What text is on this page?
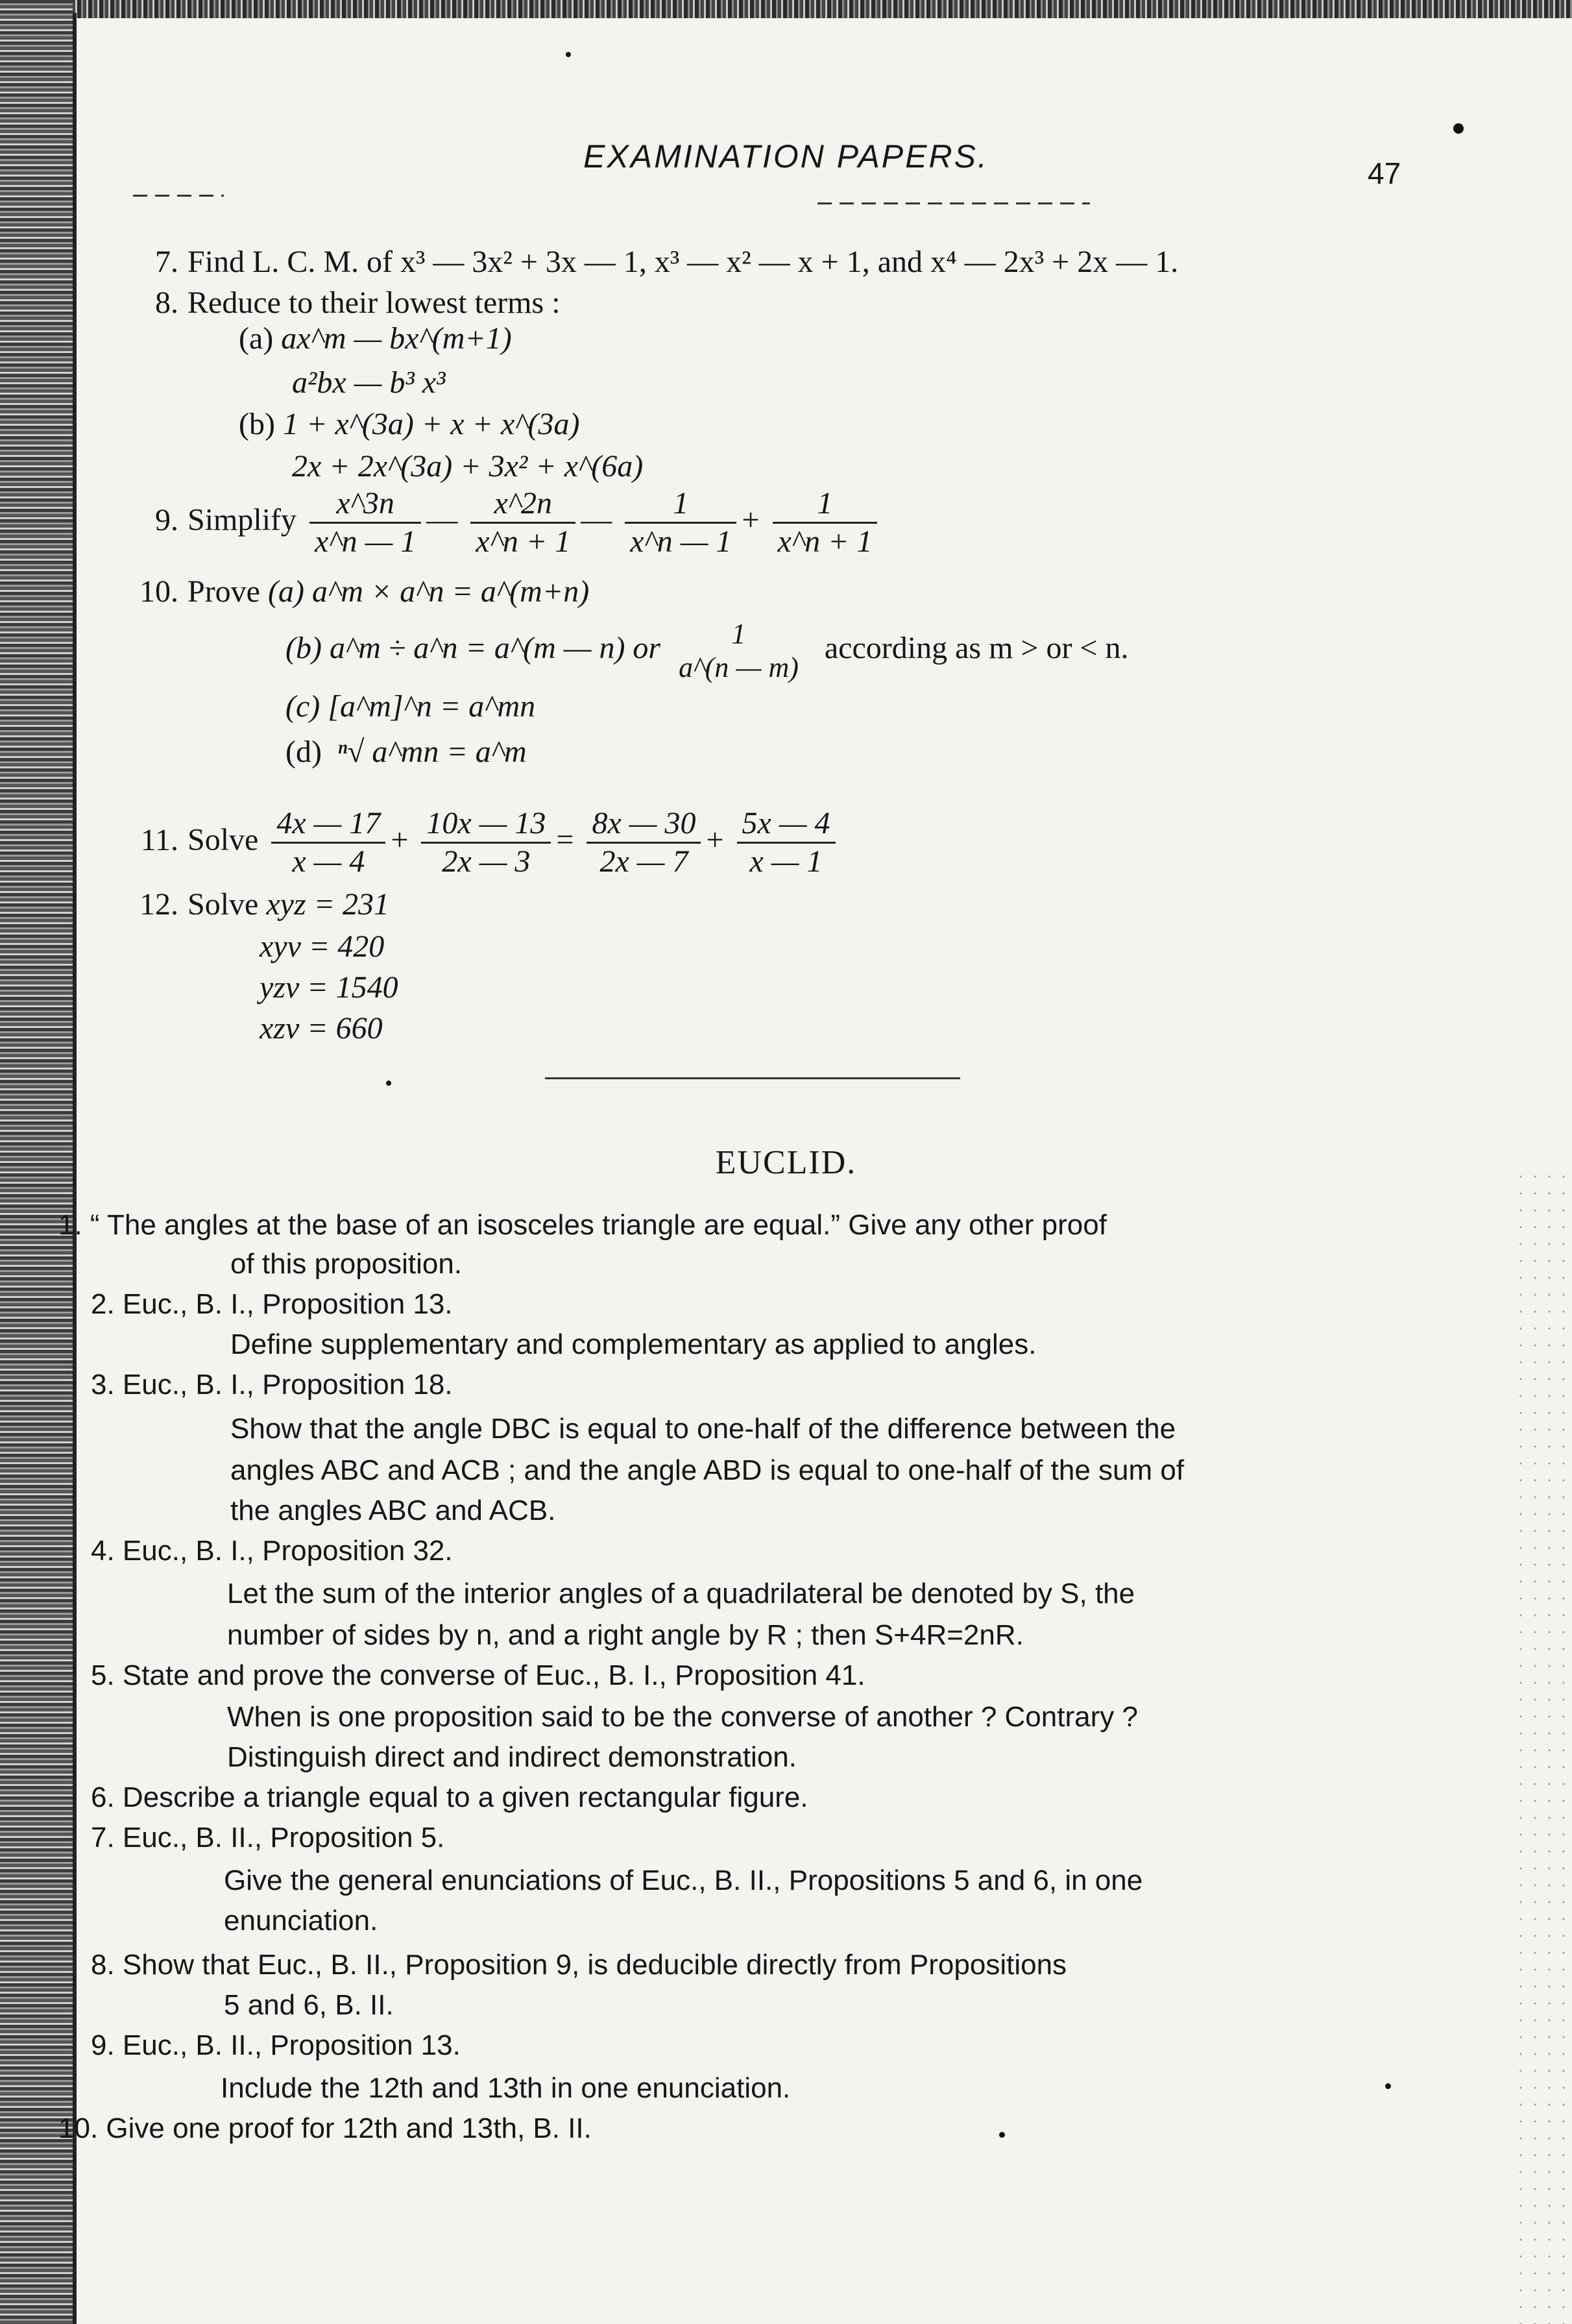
EXAMINATION PAPERS.	47
7. Find L. C. M. of x³ — 3x² + 3x — 1, x³ — x² — x + 1, and x⁴ — 2x³ + 2x — 1.
8. Reduce to their lowest terms :
(a) ax^m — bx^(m+1)
a²bx — b³ x³
(b) 1 + x^(3a) + x + x^(3a)
2x + 2x^(3a) + 3x² + x^(6a)
9. Simplify $\frac{x\^{}3n}{x\^{}n — 1}$ — $\frac{x\^{}2n}{x\^{}n + 1}$ — $\frac{1}{x\^{}n — 1} + \frac{1}{x\^{}n + 1}$
10. Prove (a) a^m × a^n = a^(m+n)
(b) a^m ÷ a^n = a^(m — n) or	1
a^(n — m)
according as m > or < n.
(c) [a^m]^n = a^mn
(d) ⁿ√ a^mn = a^m
11. Solve $\frac{4x — 17}{x — 4} + \frac{10x — 13}{2x — 3} = \frac{8x — 30}{2x — 7} + \frac{5x — 4}{x — 1}$
12. Solve xyz = 231
xyv = 420
yzv = 1540
xzv = 660
EUCLID.
1. “ The angles at the base of an isosceles triangle are equal.” Give any other proof
of this proposition.
2. Euc., B. I., Proposition 13.
Define supplementary and complementary as applied to angles.
3. Euc., B. I., Proposition 18.
Show that the angle DBC is equal to one-half of the difference between the
angles ABC and ACB ; and the angle ABD is equal to one-half of the sum of
the angles ABC and ACB.
4. Euc., B. I., Proposition 32.
Let the sum of the interior angles of a quadrilateral be denoted by S, the
number of sides by n, and a right angle by R ; then S+4R=2nR.
5. State and prove the converse of Euc., B. I., Proposition 41.
When is one proposition said to be the converse of another ? Contrary ?
Distinguish direct and indirect demonstration.
6. Describe a triangle equal to a given rectangular figure.
7. Euc., B. II., Proposition 5.
Give the general enunciations of Euc., B. II., Propositions 5 and 6, in one
enunciation.
8. Show that Euc., B. II., Proposition 9, is deducible directly from Propositions
5 and 6, B. II.
9. Euc., B. II., Proposition 13.
Include the 12th and 13th in one enunciation.
10. Give one proof for 12th and 13th, B. II.
